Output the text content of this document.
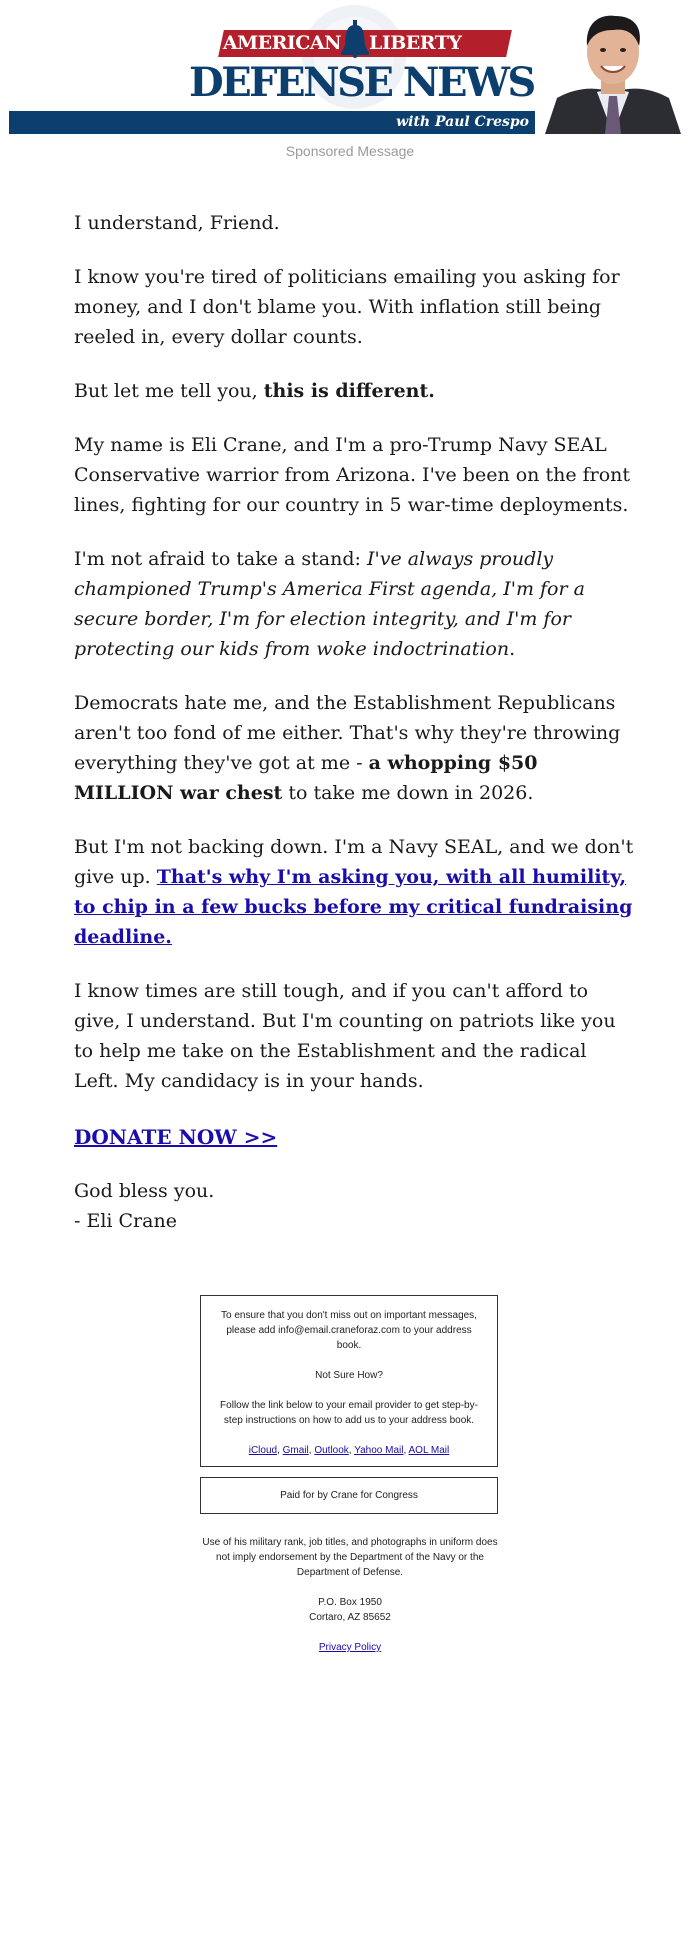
AMERICAN LIBERTY
DEFENSE NEWS
with Paul Crespo
Sponsored Message

I understand, Friend.

I know you're tired of politicians emailing you asking for money, and I don't blame you. With inflation still being reeled in, every dollar counts.

But let me tell you, this is different.

My name is Eli Crane, and I'm a pro-Trump Navy SEAL Conservative warrior from Arizona. I've been on the front lines, fighting for our country in 5 war-time deployments.

I'm not afraid to take a stand: I've always proudly championed Trump's America First agenda, I'm for a secure border, I'm for election integrity, and I'm for protecting our kids from woke indoctrination.

Democrats hate me, and the Establishment Republicans aren't too fond of me either. That's why they're throwing everything they've got at me - a whopping $50 MILLION war chest to take me down in 2026.

But I'm not backing down. I'm a Navy SEAL, and we don't give up. That's why I'm asking you, with all humility, to chip in a few bucks before my critical fundraising deadline.

I know times are still tough, and if you can't afford to give, I understand. But I'm counting on patriots like you to help me take on the Establishment and the radical Left. My candidacy is in your hands.

DONATE NOW >>

God bless you.

- Eli Crane

To ensure that you don't miss out on important messages, please add info@email.craneforaz.com to your address book.

Not Sure How?

Follow the link below to your email provider to get step-by-step instructions on how to add us to your address book.

iCloud, Gmail, Outlook, Yahoo Mail, AOL Mail

Paid for by Crane for Congress

Use of his military rank, job titles, and photographs in uniform does not imply endorsement by the Department of the Navy or the Department of Defense.

P.O. Box 1950
Cortaro, AZ 85652

Privacy Policy
